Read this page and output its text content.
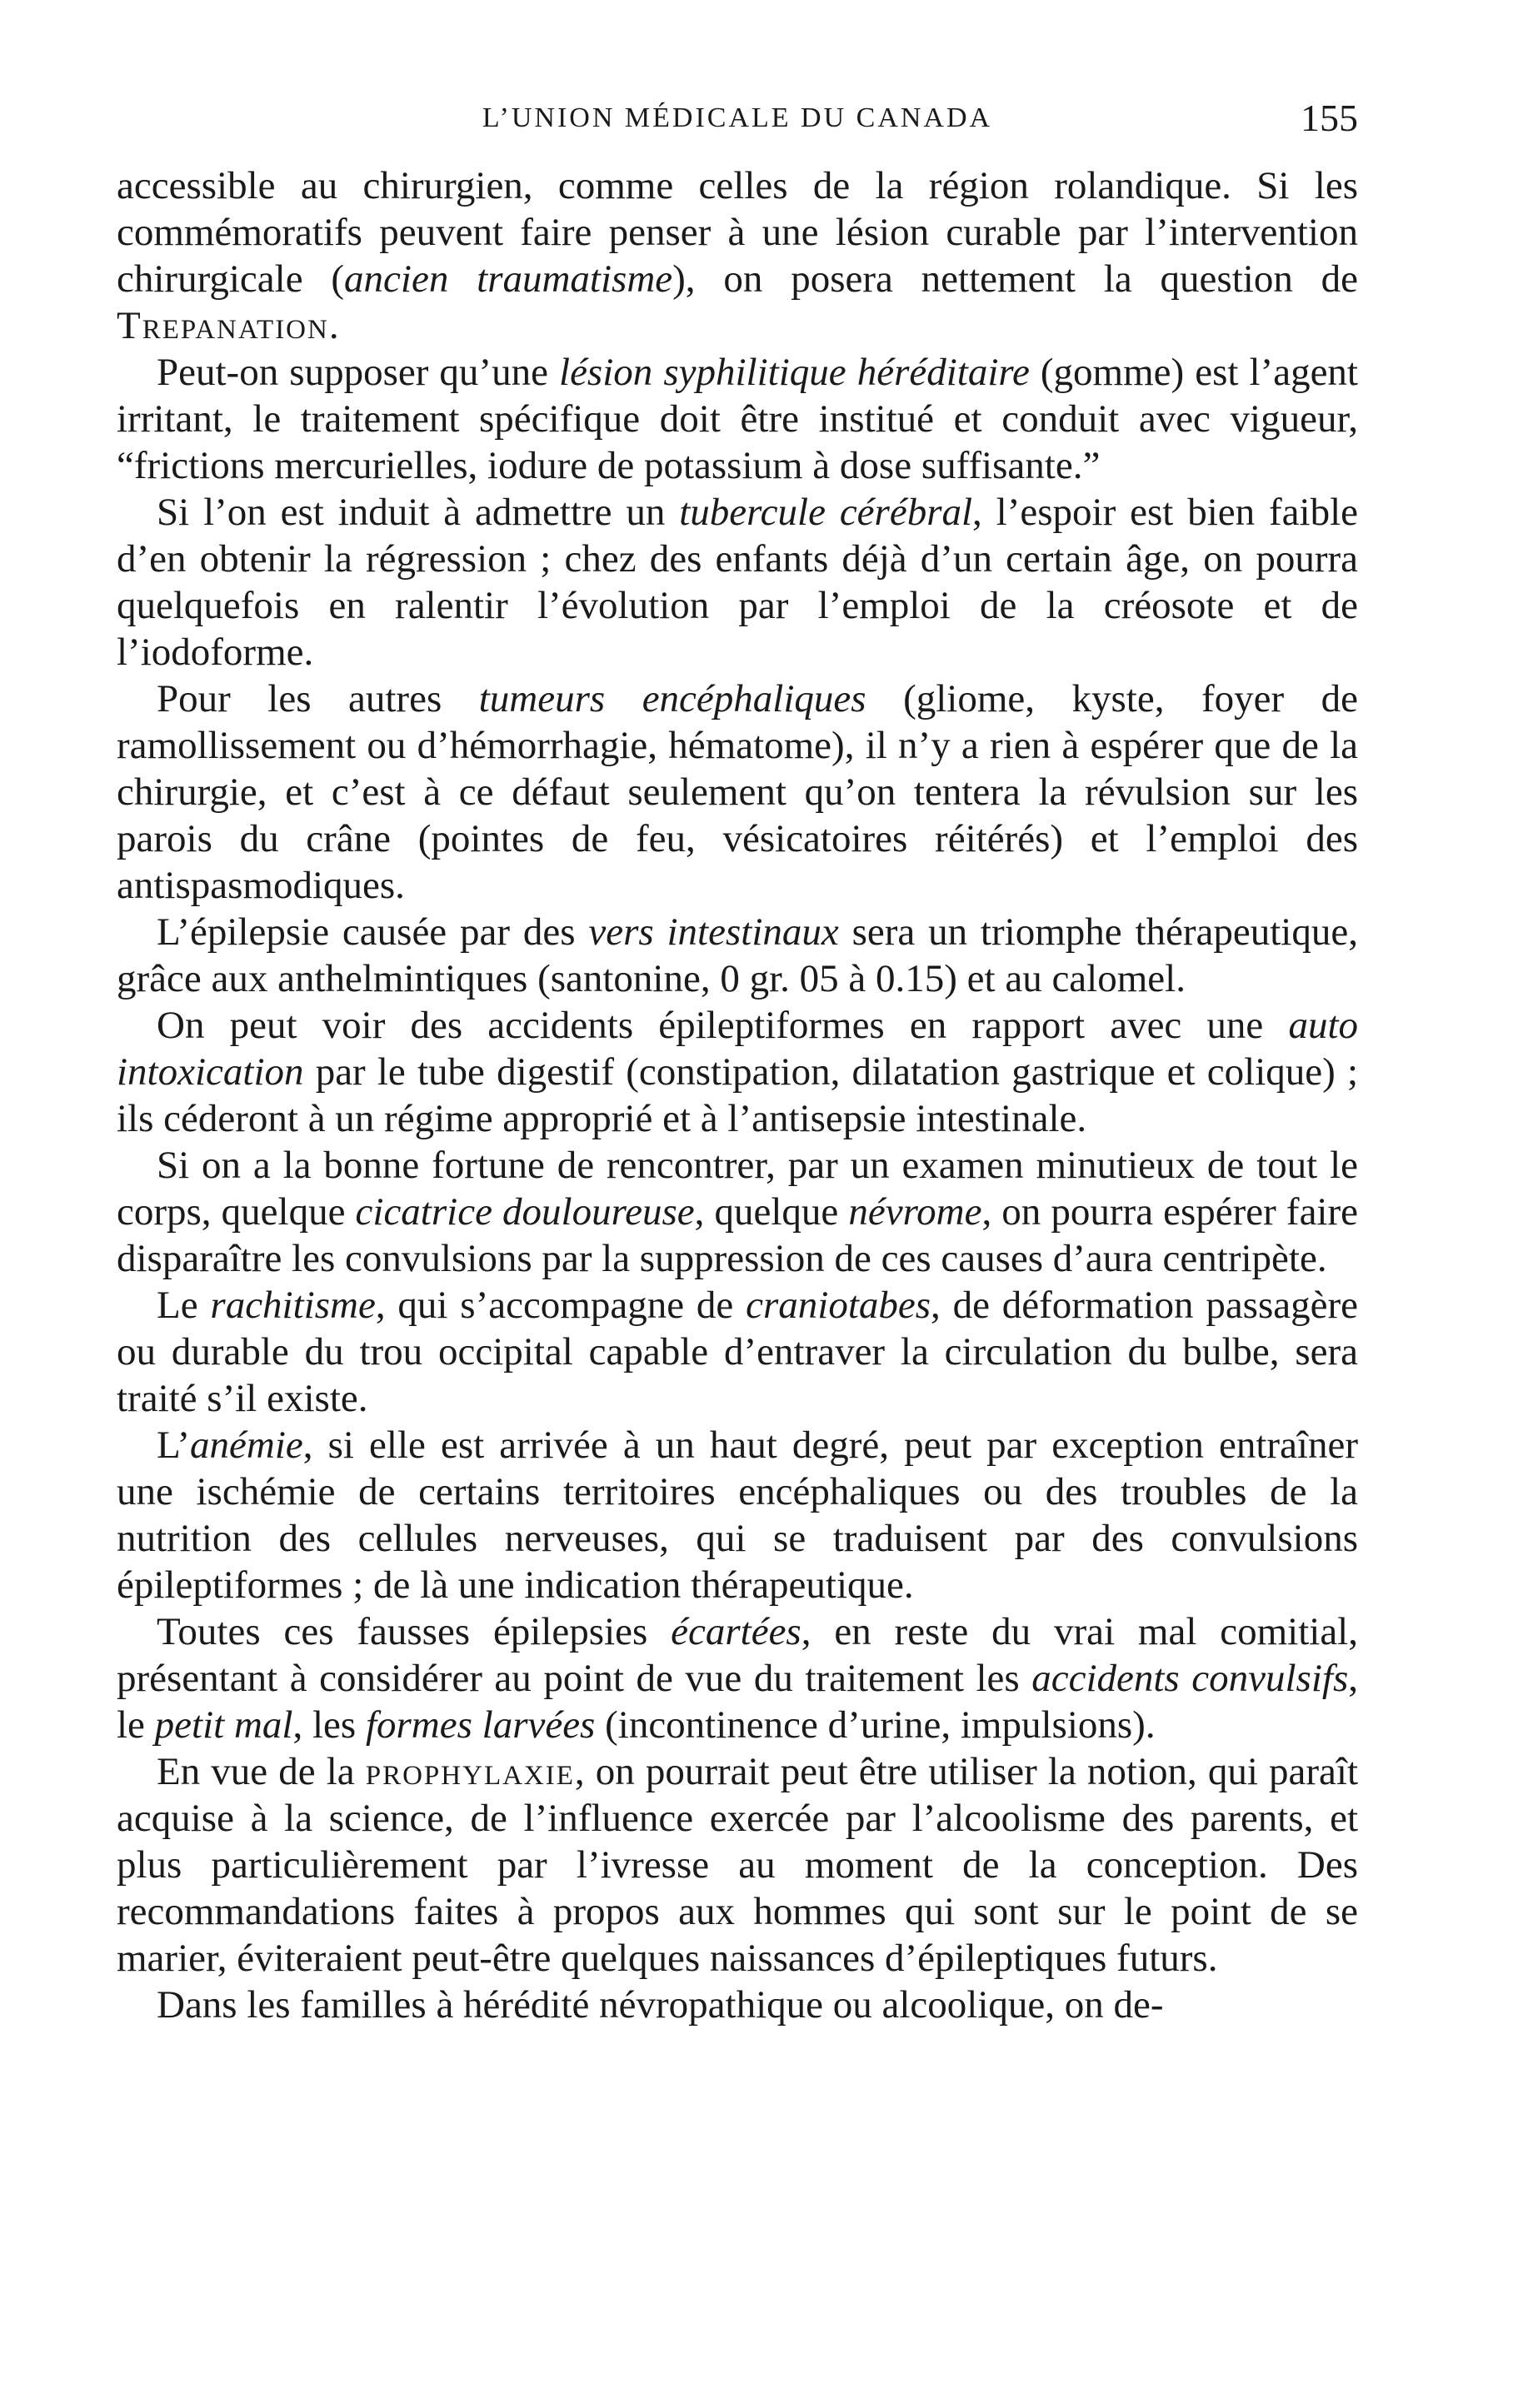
L’UNION MÉDICALE DU CANADA	155

accessible au chirurgien, comme celles de la région rolandique. Si les commémoratifs peuvent faire penser à une lésion curable par l’intervention chirurgicale (ancien traumatisme), on posera nettement la question de Trepanation.

Peut-on supposer qu’une lésion syphilitique héréditaire (gomme) est l’agent irritant, le traitement spécifique doit être institué et conduit avec vigueur, “frictions mercurielles, iodure de potassium à dose suffisante.”

Si l’on est induit à admettre un tubercule cérébral, l’espoir est bien faible d’en obtenir la régression ; chez des enfants déjà d’un certain âge, on pourra quelquefois en ralentir l’évolution par l’emploi de la créosote et de l’iodoforme.

Pour les autres tumeurs encéphaliques (gliome, kyste, foyer de ramollissement ou d’hémorrhagie, hématome), il n’y a rien à espérer que de la chirurgie, et c’est à ce défaut seulement qu’on tentera la révulsion sur les parois du crâne (pointes de feu, vésicatoires réitérés) et l’emploi des antispasmodiques.

L’épilepsie causée par des vers intestinaux sera un triomphe thérapeutique, grâce aux anthelmintiques (santonine, 0 gr. 05 à 0.15) et au calomel.

On peut voir des accidents épileptiformes en rapport avec une auto intoxication par le tube digestif (constipation, dilatation gastrique et colique) ; ils céderont à un régime approprié et à l’antisepsie intestinale.

Si on a la bonne fortune de rencontrer, par un examen minutieux de tout le corps, quelque cicatrice douloureuse, quelque névrome, on pourra espérer faire disparaître les convulsions par la suppression de ces causes d’aura centripète.

Le rachitisme, qui s’accompagne de craniotabes, de déformation passagère ou durable du trou occipital capable d’entraver la circulation du bulbe, sera traité s’il existe.

L’anémie, si elle est arrivée à un haut degré, peut par exception entraîner une ischémie de certains territoires encéphaliques ou des troubles de la nutrition des cellules nerveuses, qui se traduisent par des convulsions épileptiformes ; de là une indication thérapeutique.

Toutes ces fausses épilepsies écartées, en reste du vrai mal comitial, présentant à considérer au point de vue du traitement les accidents convulsifs, le petit mal, les formes larvées (incontinence d’urine, impulsions).

En vue de la prophylaxie, on pourrait peut être utiliser la notion, qui paraît acquise à la science, de l’influence exercée par l’alcoolisme des parents, et plus particulièrement par l’ivresse au moment de la conception. Des recommandations faites à propos aux hommes qui sont sur le point de se marier, éviteraient peut-être quelques naissances d’épileptiques futurs.

Dans les familles à hérédité névropathique ou alcoolique, on de-
